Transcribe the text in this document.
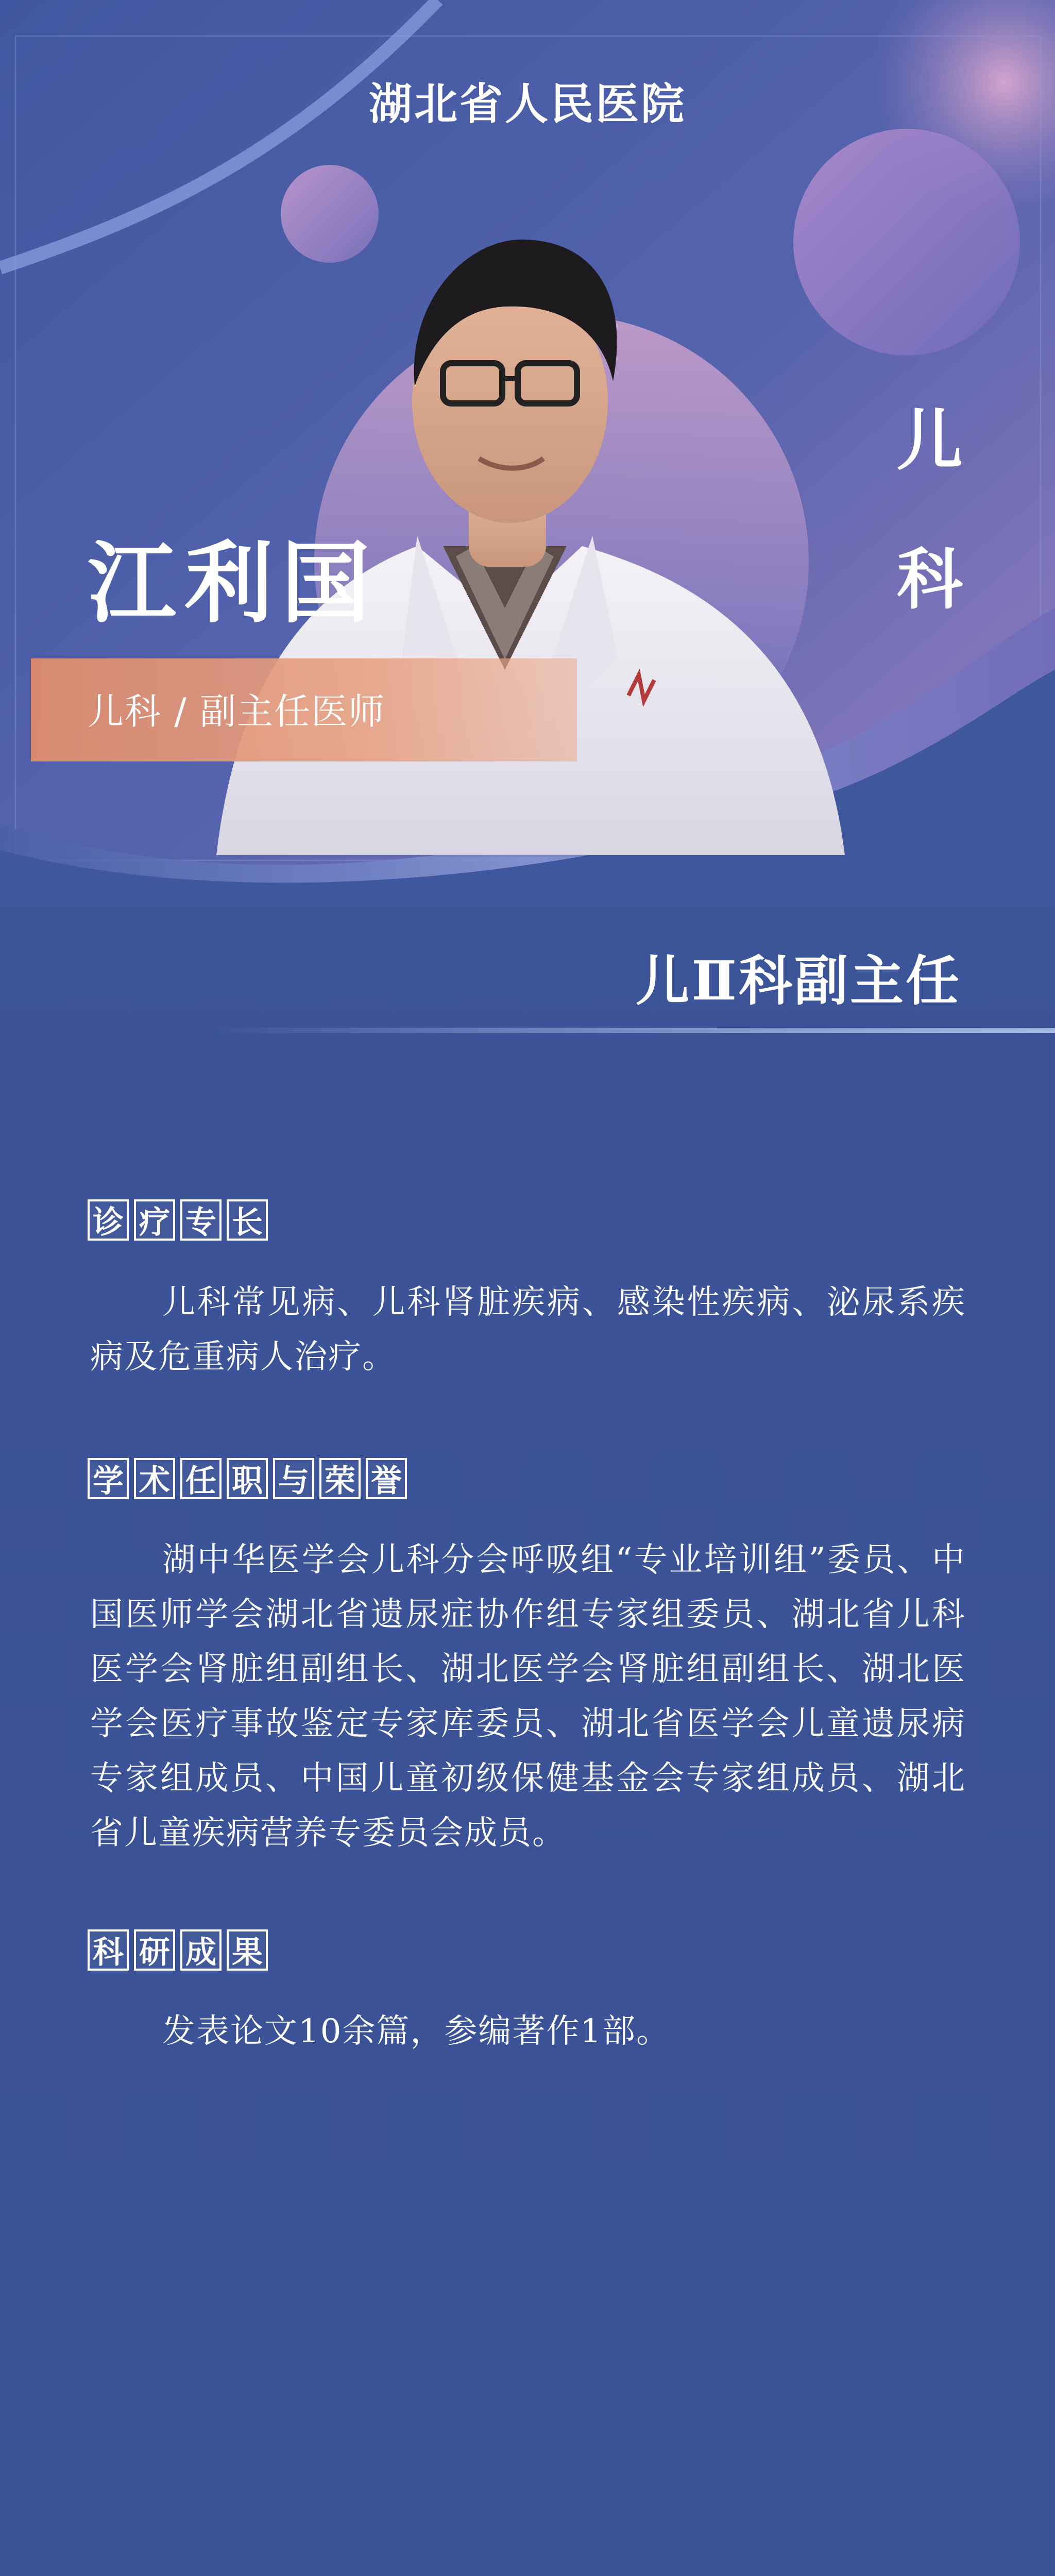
湖北省人民医院
儿科 / 副主任医师
江利国
儿
科
儿Ⅱ科副主任
诊 疗 专 长
儿科常见病、儿科肾脏疾病、感染性疾病、泌尿系疾病及危重病人治疗。
学 术 任 职 与 荣 誉
湖中华医学会儿科分会呼吸组“专业培训组”委员、中国医师学会湖北省遗尿症协作组专家组委员、湖北省儿科医学会肾脏组副组长、湖北医学会肾脏组副组长、湖北医学会医疗事故鉴定专家库委员、湖北省医学会儿童遗尿病专家组成员、中国儿童初级保健基金会专家组成员、湖北省儿童疾病营养专委员会成员。
科 研 成 果
发表论文10余篇，参编著作1部。
